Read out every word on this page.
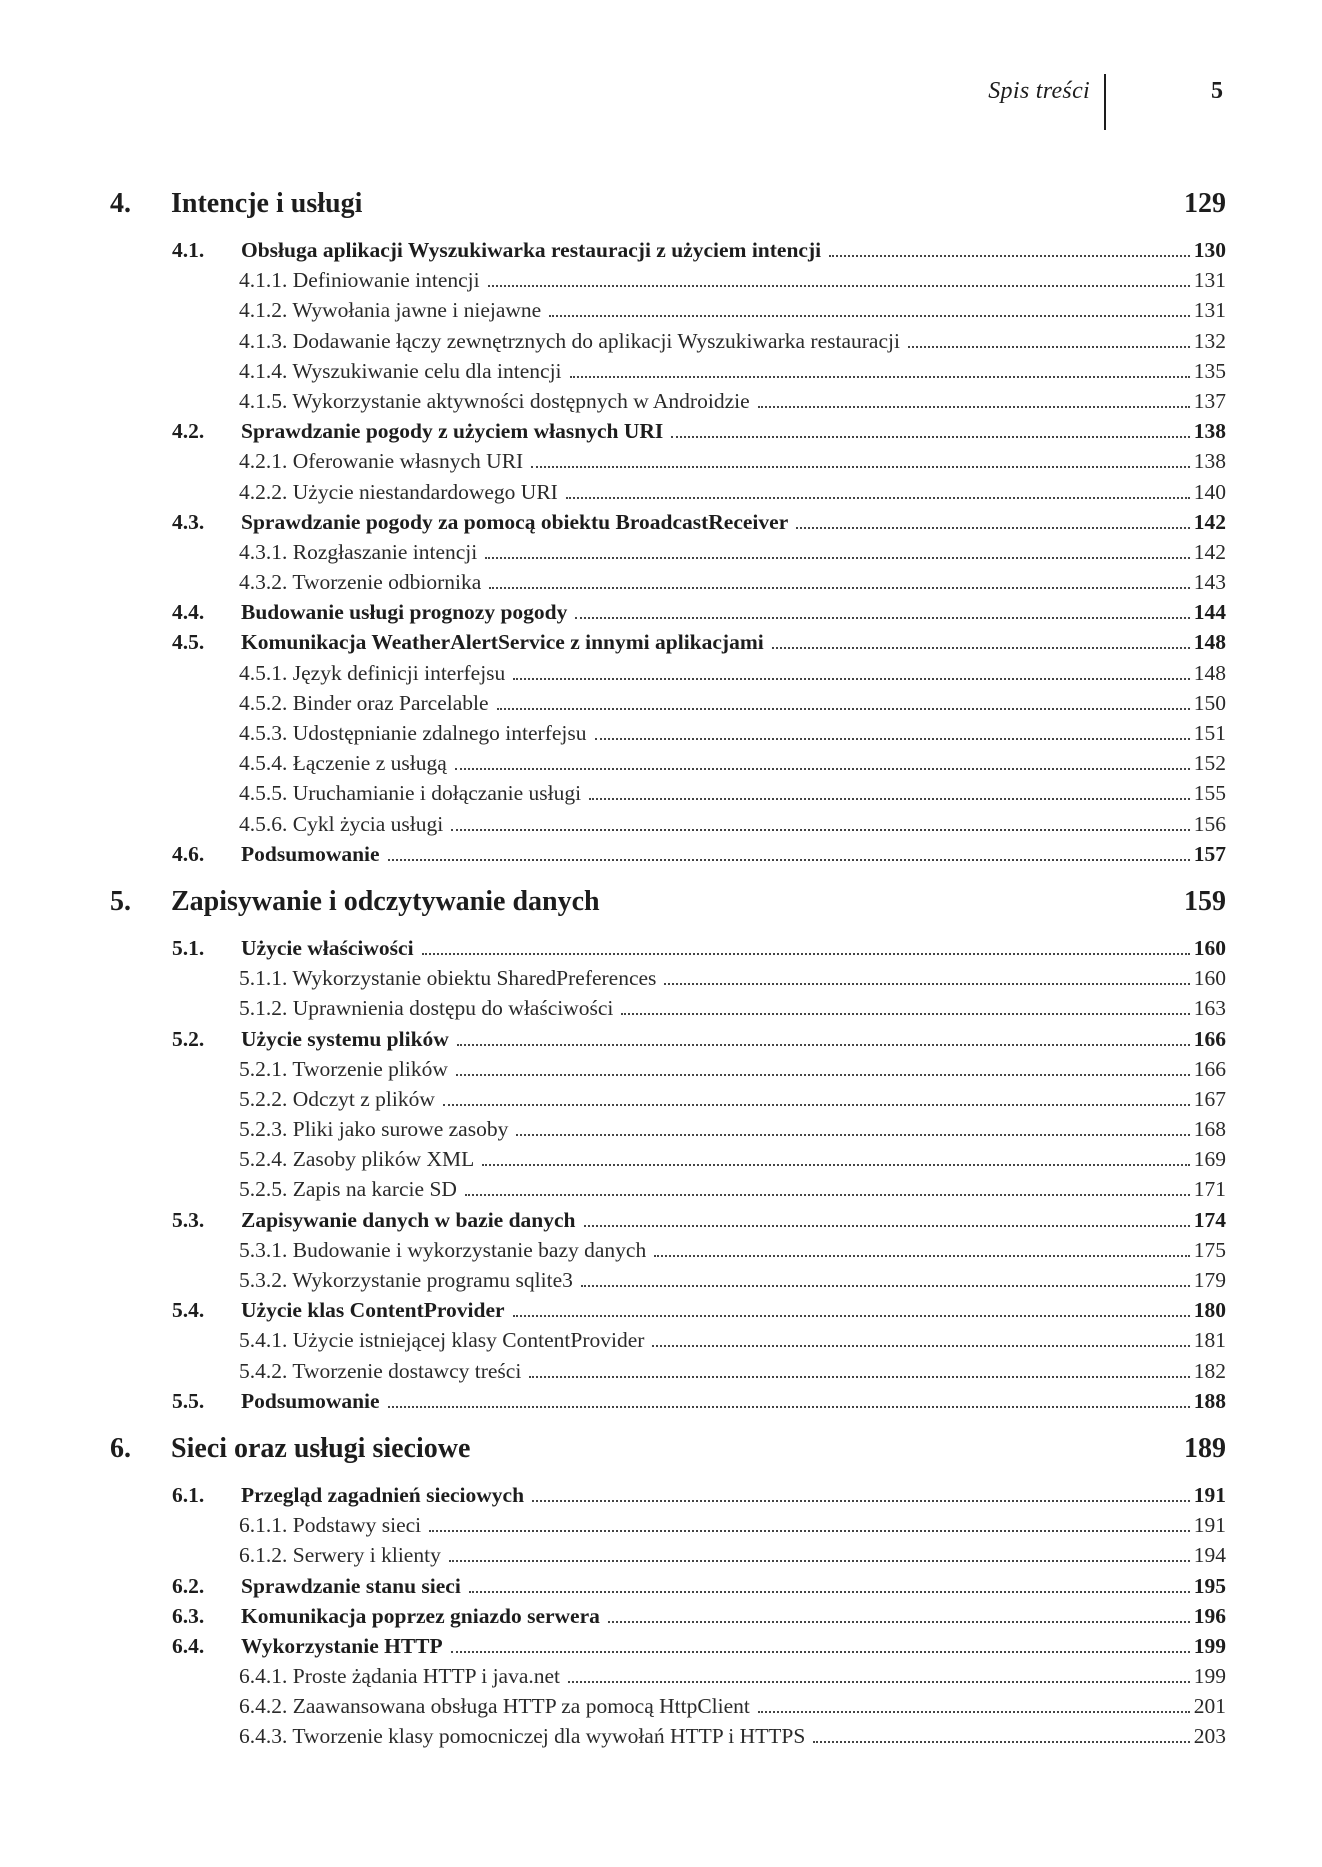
Spis treści	5
4. Intencje i usługi	129
4.1. Obsługa aplikacji Wyszukiwarka restauracji z użyciem intencji	130
4.1.1. Definiowanie intencji	131
4.1.2. Wywołania jawne i niejawne	131
4.1.3. Dodawanie łączy zewnętrznych do aplikacji Wyszukiwarka restauracji	132
4.1.4. Wyszukiwanie celu dla intencji	135
4.1.5. Wykorzystanie aktywności dostępnych w Androidzie	137
4.2. Sprawdzanie pogody z użyciem własnych URI	138
4.2.1. Oferowanie własnych URI	138
4.2.2. Użycie niestandardowego URI	140
4.3. Sprawdzanie pogody za pomocą obiektu BroadcastReceiver	142
4.3.1. Rozgłaszanie intencji	142
4.3.2. Tworzenie odbiornika	143
4.4. Budowanie usługi prognozy pogody	144
4.5. Komunikacja WeatherAlertService z innymi aplikacjami	148
4.5.1. Język definicji interfejsu	148
4.5.2. Binder oraz Parcelable	150
4.5.3. Udostępnianie zdalnego interfejsu	151
4.5.4. Łączenie z usługą	152
4.5.5. Uruchamianie i dołączanie usługi	155
4.5.6. Cykl życia usługi	156
4.6. Podsumowanie	157
5. Zapisywanie i odczytywanie danych	159
5.1. Użycie właściwości	160
5.1.1. Wykorzystanie obiektu SharedPreferences	160
5.1.2. Uprawnienia dostępu do właściwości	163
5.2. Użycie systemu plików	166
5.2.1. Tworzenie plików	166
5.2.2. Odczyt z plików	167
5.2.3. Pliki jako surowe zasoby	168
5.2.4. Zasoby plików XML	169
5.2.5. Zapis na karcie SD	171
5.3. Zapisywanie danych w bazie danych	174
5.3.1. Budowanie i wykorzystanie bazy danych	175
5.3.2. Wykorzystanie programu sqlite3	179
5.4. Użycie klas ContentProvider	180
5.4.1. Użycie istniejącej klasy ContentProvider	181
5.4.2. Tworzenie dostawcy treści	182
5.5. Podsumowanie	188
6. Sieci oraz usługi sieciowe	189
6.1. Przegląd zagadnień sieciowych	191
6.1.1. Podstawy sieci	191
6.1.2. Serwery i klienty	194
6.2. Sprawdzanie stanu sieci	195
6.3. Komunikacja poprzez gniazdo serwera	196
6.4. Wykorzystanie HTTP	199
6.4.1. Proste żądania HTTP i java.net	199
6.4.2. Zaawansowana obsługa HTTP za pomocą HttpClient	201
6.4.3. Tworzenie klasy pomocniczej dla wywołań HTTP i HTTPS	203
